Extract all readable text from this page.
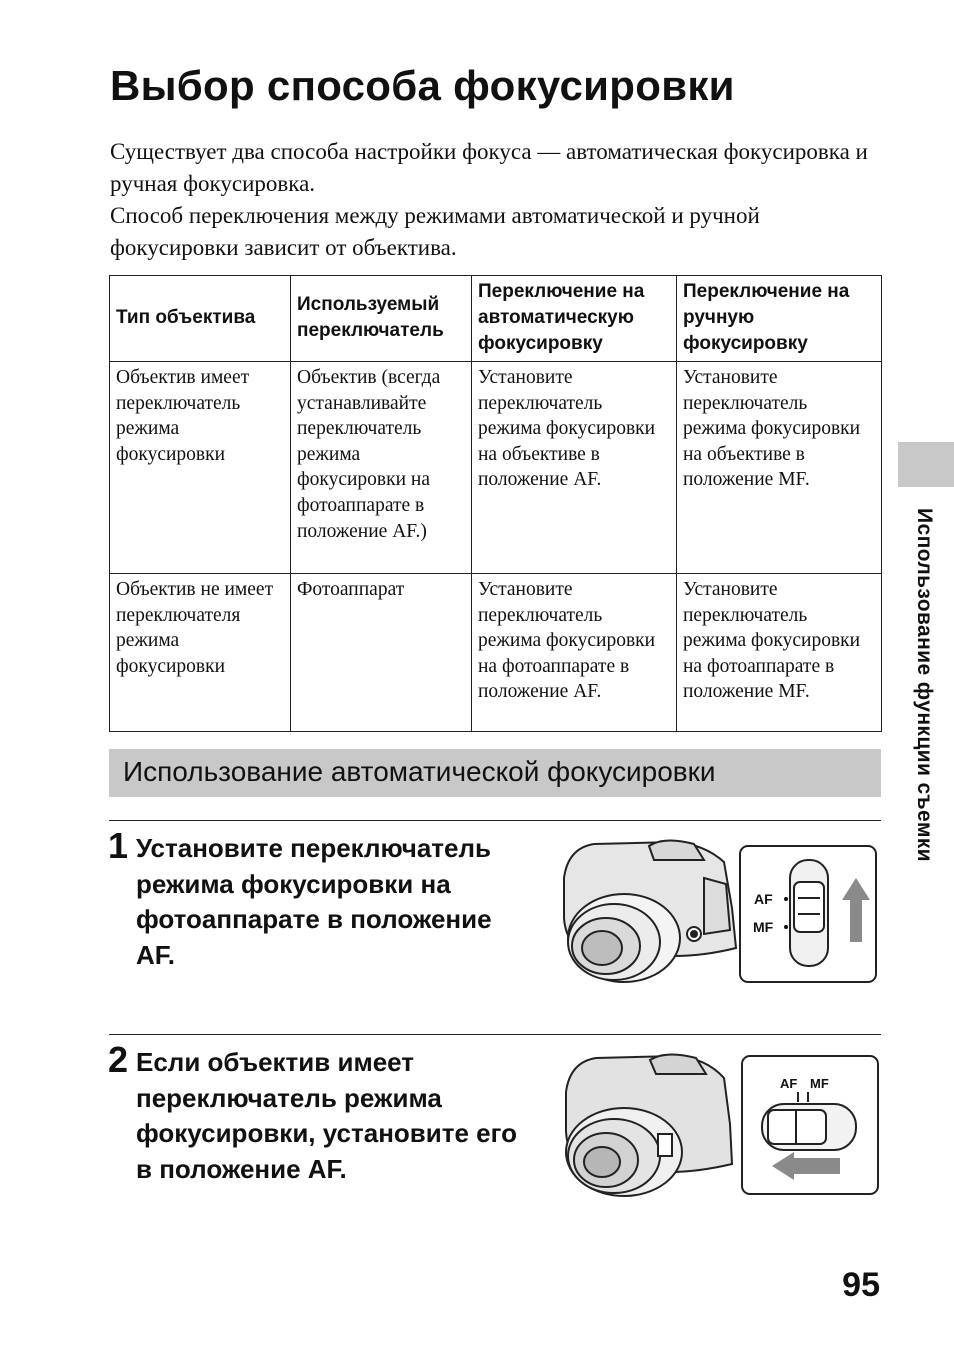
Выбор способа фокусировки

Существует два способа настройки фокуса — автоматическая фокусировка и ручная фокусировка.

Способ переключения между режимами автоматической и ручной фокусировки зависит от объектива.

Тип объектива	Используемый переключатель	Переключение на автоматическую фокусировку	Переключение на ручную фокусировку
Объектив имеет переключатель режима фокусировки	Объектив (всегда устанавливайте переключатель режима фокусировки на фотоаппарате в положение AF.)	Установите переключатель режима фокусировки на объективе в положение AF.	Установите переключатель режима фокусировки на объективе в положение MF.
Объектив не имеет переключателя режима фокусировки	Фотоаппарат	Установите переключатель режима фокусировки на фотоаппарате в положение AF.	Установите переключатель режима фокусировки на фотоаппарате в положение MF.
Использование автоматической фокусировки
1 Установите переключатель режима фокусировки на фотоаппарате в положение AF.
AF
MF
2 Если объектив имеет переключатель режима фокусировки, установите его в положение AF.
AF MF
Использование функции съемки
95
